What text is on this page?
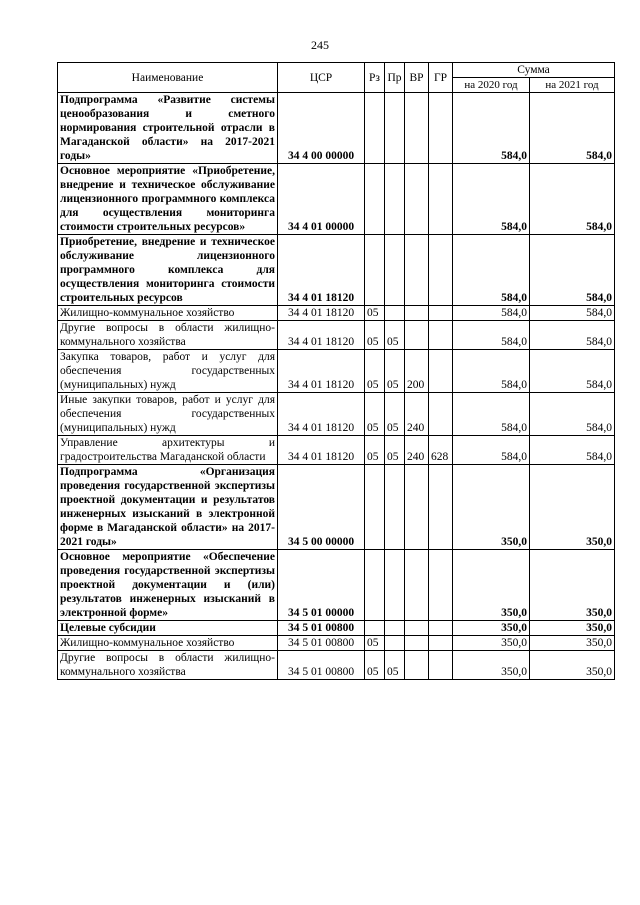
245
Наименование	ЦСР	Рз	Пр	ВР	ГР	Сумма	
						на 2020 год	на 2021 год
Подпрограмма «Развитие системы ценообразования и сметного нормирования строительной отрасли в Магаданской области» на 2017-2021 годы»	34 4 00 00000					584,0	584,0
Основное мероприятие «Приобретение, внедрение и техническое обслуживание лицензионного программного комплекса для осуществления мониторинга стоимости строительных ресурсов»	34 4 01 00000					584,0	584,0
Приобретение, внедрение и техническое обслуживание лицензионного программного комплекса для осуществления мониторинга стоимости строительных ресурсов	34 4 01 18120					584,0	584,0
Жилищно-коммунальное хозяйство	34 4 01 18120	05				584,0	584,0
Другие вопросы в области жилищно-коммунального хозяйства	34 4 01 18120	05	05			584,0	584,0
Закупка товаров, работ и услуг для обеспечения государственных (муниципальных) нужд	34 4 01 18120	05	05	200		584,0	584,0
Иные закупки товаров, работ и услуг для обеспечения государственных (муниципальных) нужд	34 4 01 18120	05	05	240		584,0	584,0
Управление архитектуры и градостроительства Магаданской области	34 4 01 18120	05	05	240	628	584,0	584,0
Подпрограмма «Организация проведения государственной экспертизы проектной документации и результатов инженерных изысканий в электронной форме в Магаданской области» на 2017-2021 годы»	34 5 00 00000					350,0	350,0
Основное мероприятие «Обеспечение проведения государственной экспертизы проектной документации и (или) результатов инженерных изысканий в электронной форме»	34 5 01 00000					350,0	350,0
Целевые субсидии	34 5 01 00800					350,0	350,0
Жилищно-коммунальное хозяйство	34 5 01 00800	05				350,0	350,0
Другие вопросы в области жилищно-коммунального хозяйства	34 5 01 00800	05	05			350,0	350,0
